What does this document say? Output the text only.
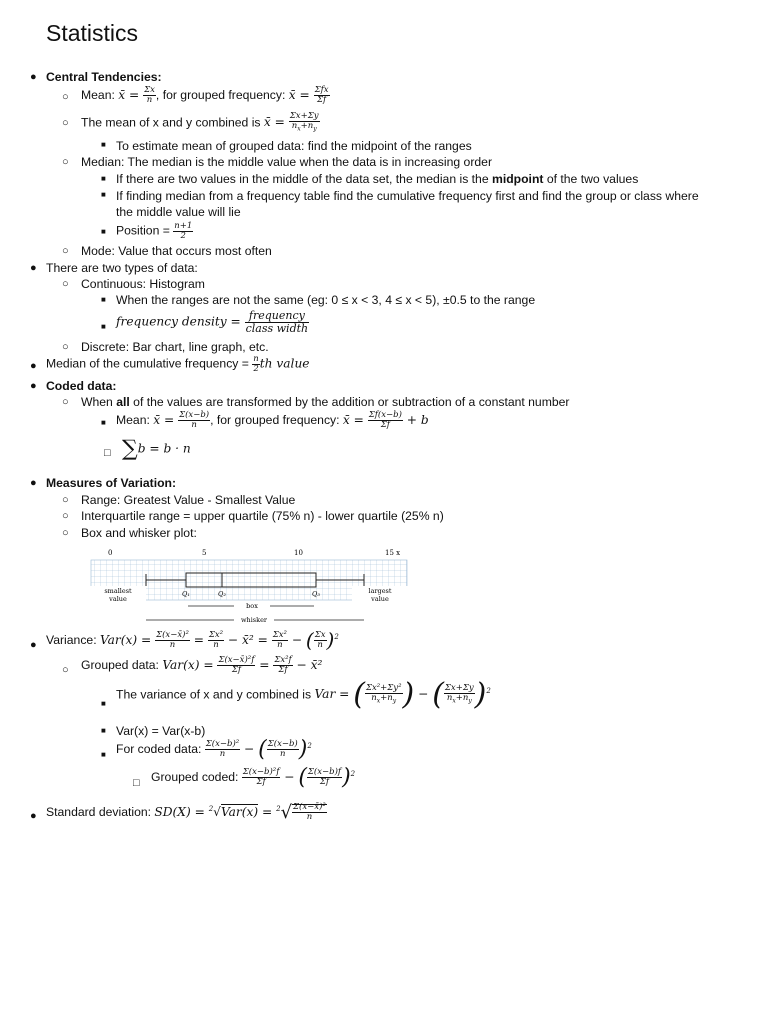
Statistics
● Central Tendencies:
○ Mean: x̄ = $\frac{\Sigma x}{n}$ , for grouped frequency: x̄ = $\frac{\text{Σfx}}{\Sigma f}$
○ The mean of x and y combined is x̄ = $\frac{\Sigma x+\Sigma y}{n_x+n_y}$
■ To estimate mean of grouped data: find the midpoint of the ranges
○ Median: The median is the middle value when the data is in increasing order
■ If there are two values in the middle of the data set, the median is the midpoint of the two values
■ If finding median from a frequency table find the cumulative frequency first and find the group or class where
the middle value will lie
■ Position = $\frac{n+1}{2}$
○ Mode: Value that occurs most often
● There are two types of data:
○ Continuous: Histogram
■ When the ranges are not the same (eg: 0 ≤ x < 3, 4 ≤ x < 5), ±0.5 to the range
■ frequency density = $\frac{\text{frequency}}{\text{class width}}$
○ Discrete: Bar chart, line graph, etc.
● Median of the cumulative frequency = $\frac{n}{2}$ th value
● Coded data:
○ When all of the values are transformed by the addition or subtraction of a constant number
■ Mean: x̄ = $\frac{\Sigma(x-b)}{n}$ , for grouped frequency: x̄ = $\frac{\Sigma f(x-b)}{\Sigma f} + b$
□ ∑b = b · n
● Measures of Variation:
○ Range: Greatest Value - Smallest Value
○ Interquartile range = upper quartile (75% n) - lower quartile (25% n)
○ Box and whisker plot:
0	5	10	15 x
smallest
value
largest
value
Q₁	Q₂	Q₃
box
whisker
● Variance: $Var(x) = \frac{\text{Σ(x−x̄)²}}{n} = \frac{\text{Σx²}}{n}$ − x̄² = $\frac{\text{Σx²}}{n}$ − ( $\frac{\Sigma x}{n} )^2$
○ Grouped data: $Var(x) = \frac{\text{Σ(x−x̄)²f}}{\Sigma f} = \frac{\text{Σx²f}}{\Sigma f}$ − x̄²
■
The variance of x and y combined is Var = ( $\frac{\text{Σx²+Σy²}}{n_x+n_y}$ ) − ( $\frac{\Sigma x+\Sigma y}{n_x+n_y} )^2$
■ Var(x) = Var(x-b)
■ For coded data: $\frac{\text{Σ(x−b)²}}{n}$ − ( $\frac{\Sigma(x-b)}{n} )^2$
□ Grouped coded: $\frac{\text{Σ(x−b)²f}}{\Sigma f}$ − ( $\frac{\Sigma(x-b)f}{\Sigma f} )^2$
● Standard deviation: $SD(X) = ^2√Var(x) = ^2√ \frac{\text{Σ(x−x̄)²}}{n}$
